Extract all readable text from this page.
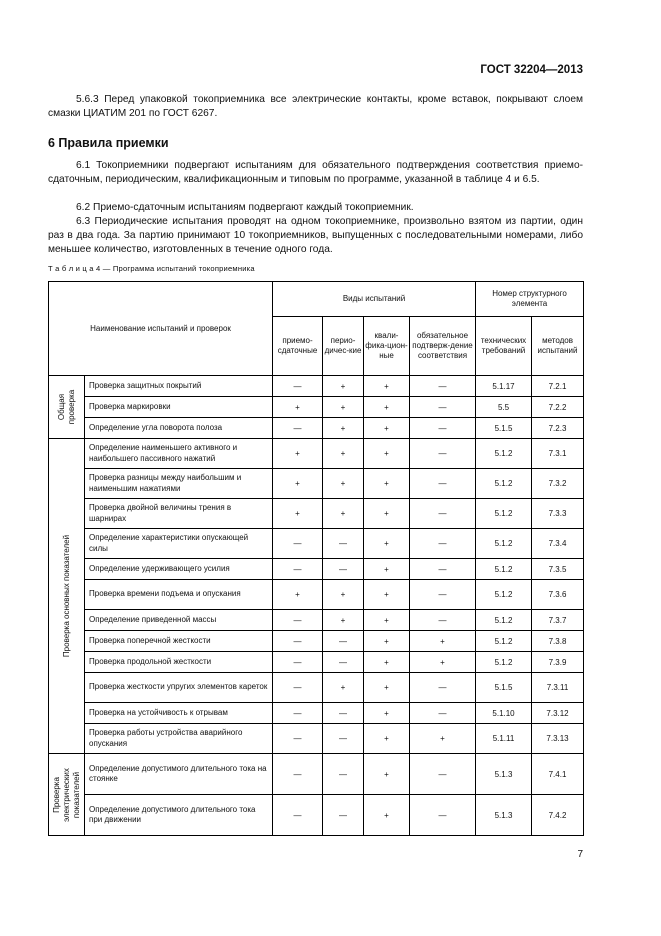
ГОСТ 32204—2013

5.6.3 Перед упаковкой токоприемника все электрические контакты, кроме вставок, покрывают слоем смазки ЦИАТИМ 201 по ГОСТ 6267.

6 Правила приемки

6.1 Токоприемники подвергают испытаниям для обязательного подтверждения соответствия приемо-сдаточным, периодическим, квалификационным и типовым по программе, указанной в таблице 4 и 6.5.

6.2 Приемо-сдаточным испытаниям подвергают каждый токоприемник.

6.3 Периодические испытания проводят на одном токоприемнике, произвольно взятом из партии, один раз в два года. За партию принимают 10 токоприемников, выпущенных с последовательными номерами, либо меньшее количество, изготовленных в течение одного года.

Т а б л и ц а 4 — Программа испытаний токоприемника
Наименование испытаний и проверок		Виды испытаний				Номер структурного элемента	
		приемо-сдаточные	перио-дичес-кие	квали-фика-цион-ные	обязательное подтверж-дение соответствия	технических требований	методов испытаний

Общая проверка	Проверка защитных покрытий	—	+	+	—	5.1.17	7.2.1
	Проверка маркировки	+	+	+	—	5.5	7.2.2
	Определение угла поворота полоза	—	+	+	—	5.1.5	7.2.3

Проверка основных показателей	Определение наименьшего активного и наибольшего пассивного нажатий	+	+	+	—	5.1.2	7.3.1
	Проверка разницы между наибольшим и наименьшим нажатиями	+	+	+	—	5.1.2	7.3.2
	Проверка двойной величины трения в шарнирах	+	+	+	—	5.1.2	7.3.3
	Определение характеристики опускающей силы	—	—	+	—	5.1.2	7.3.4
	Определение удерживающего усилия	—	—	+	—	5.1.2	7.3.5
	Проверка времени подъема и опускания	+	+	+	—	5.1.2	7.3.6
	Определение приведенной массы	—	+	+	—	5.1.2	7.3.7
	Проверка поперечной жесткости	—	—	+	+	5.1.2	7.3.8
	Проверка продольной жесткости	—	—	+	+	5.1.2	7.3.9
	Проверка жесткости упругих элементов кареток	—	+	+	—	5.1.5	7.3.11
	Проверка на устойчивость к отрывам	—	—	+	—	5.1.10	7.3.12
	Проверка работы устройства аварийного опускания	—	—	+	+	5.1.11	7.3.13

Проверка электрических показателей	Определение допустимого длительного тока на стоянке	—	—	+	—	5.1.3	7.4.1
	Определение допустимого длительного тока при движении	—	—	+	—	5.1.3	7.4.2
7
